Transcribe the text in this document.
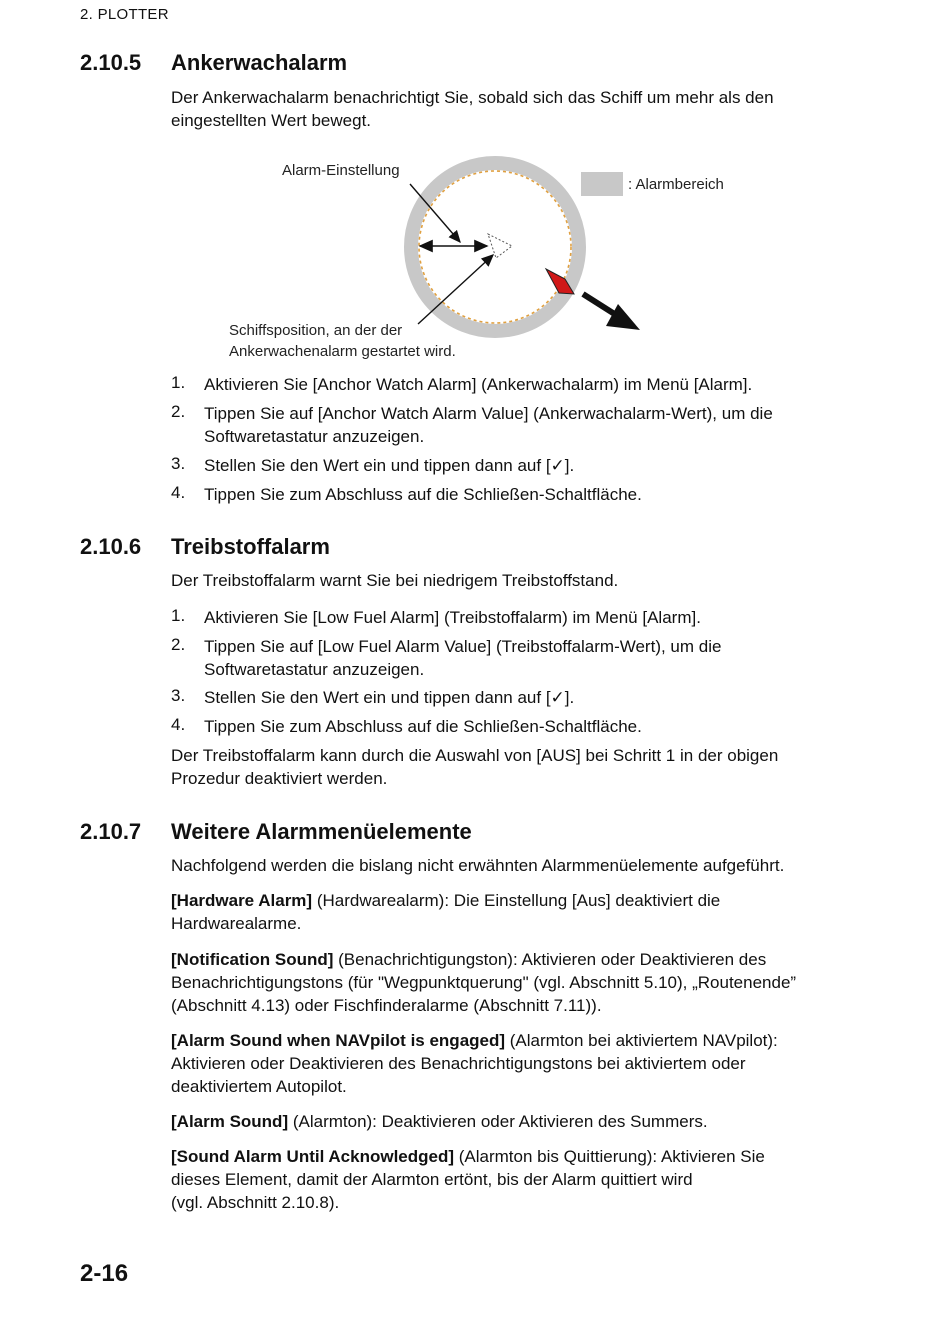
2. PLOTTER
2.10.5 Ankerwachalarm
Der Ankerwachalarm benachrichtigt Sie, sobald sich das Schiff um mehr als den
eingestellten Wert bewegt.
Alarm-Einstellung
: Alarmbereich
Schiffsposition, an der der
Ankerwachenalarm gestartet wird.
1. Aktivieren Sie [Anchor Watch Alarm] (Ankerwachalarm) im Menü [Alarm].
2. Tippen Sie auf [Anchor Watch Alarm Value] (Ankerwachalarm-Wert), um die
Softwaretastatur anzuzeigen.
3. Stellen Sie den Wert ein und tippen dann auf [✓].
4. Tippen Sie zum Abschluss auf die Schließen-Schaltfläche.
2.10.6 Treibstoffalarm
Der Treibstoffalarm warnt Sie bei niedrigem Treibstoffstand.
1. Aktivieren Sie [Low Fuel Alarm] (Treibstoffalarm) im Menü [Alarm].
2. Tippen Sie auf [Low Fuel Alarm Value] (Treibstoffalarm-Wert), um die
Softwaretastatur anzuzeigen.
3. Stellen Sie den Wert ein und tippen dann auf [✓].
4. Tippen Sie zum Abschluss auf die Schließen-Schaltfläche.
Der Treibstoffalarm kann durch die Auswahl von [AUS] bei Schritt 1 in der obigen
Prozedur deaktiviert werden.
2.10.7 Weitere Alarmmenüelemente
Nachfolgend werden die bislang nicht erwähnten Alarmmenüelemente aufgeführt.
[Hardware Alarm] (Hardwarealarm): Die Einstellung [Aus] deaktiviert die
Hardwarealarme.
[Notification Sound] (Benachrichtigungston): Aktivieren oder Deaktivieren des
Benachrichtigungstons (für "Wegpunktquerung" (vgl. Abschnitt 5.10), „Routenende”
(Abschnitt 4.13) oder Fischfinderalarme (Abschnitt 7.11)).
[Alarm Sound when NAVpilot is engaged] (Alarmton bei aktiviertem NAVpilot):
Aktivieren oder Deaktivieren des Benachrichtigungstons bei aktiviertem oder
deaktiviertem Autopilot.
[Alarm Sound] (Alarmton): Deaktivieren oder Aktivieren des Summers.
[Sound Alarm Until Acknowledged] (Alarmton bis Quittierung): Aktivieren Sie
dieses Element, damit der Alarmton ertönt, bis der Alarm quittiert wird
(vgl. Abschnitt 2.10.8).
2-16
